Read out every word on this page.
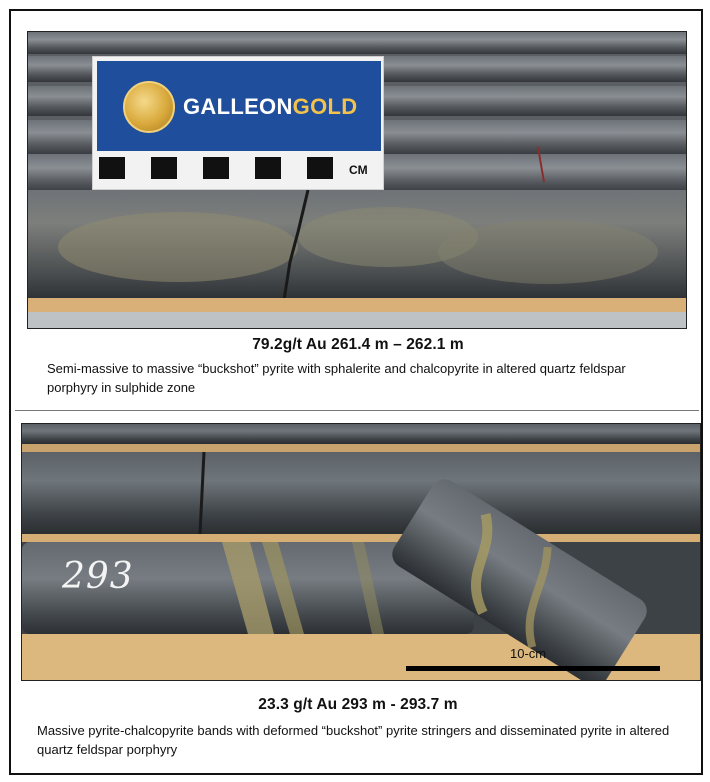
GALLEONGOLD
CM
79.2g/t Au 261.4 m – 262.1 m
Semi-massive to massive “buckshot” pyrite with sphalerite and chalcopyrite in altered quartz feldspar porphyry in sulphide zone
293
10-cm
23.3 g/t Au 293 m - 293.7 m
Massive pyrite-chalcopyrite bands with deformed “buckshot” pyrite stringers and disseminated pyrite in altered quartz feldspar porphyry
